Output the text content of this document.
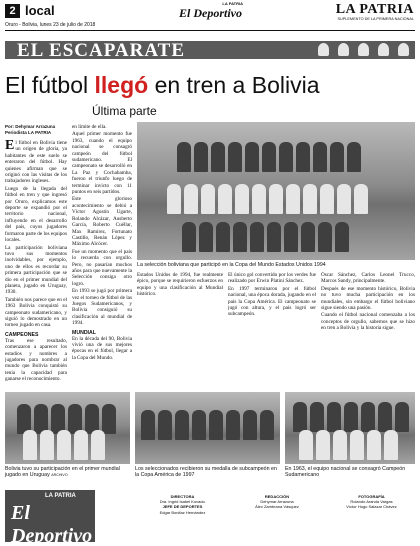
2 local	LA PATRIA
El Deportivo	LA PATRIA
SUPLEMENTO DE LA PRIMERA NACIONAL
Oruro - Bolivia, lunes 23 de julio de 2018
EL ESCAPARATE
El fútbol llegó en tren a Bolivia
Última parte
Por: Dehymar Arrazuna
Periodista LA PATRIA

El fútbol en Bolivia tiene un origen de gloria, ya habitantes de este suelo se enteraron del fútbol. Hay quienes afirman que se originó con las visitas de los trabajadores ingleses.

Luego de la llegada del fútbol en tren y que ingresó por Oruro, explicamos este deporte se expandió por el territorio nacional, influyendo en el desarrollo del país, cuyos jugadores formaron parte de los equipos locales.

La participación boliviana tuvo sus momentos inolvidables, por ejemplo, uno de ellos es recordar su primera participación que se dio en el primer mundial del planeta, jugado en Uruguay, 1930.

También nos parece que en el 1963 Bolivia conquistó su campeonato sudamericano, y siguió lo demostrado en un torneo jugado en casa.

CAMPEONES

Tras ese resultado, comenzaron a aparecer los estadios y nombres a jugadores para nombrar al mundo que Bolivia también tenía la capacidad para ganarse el reconocimiento.

en límite de ella.

Aquel primer momento fue 1963, cuando el equipo nacional se consagró campeón del fútbol sudamericano. El campeonato se desarrolló en La Paz y Cochabamba, fueron el triunfo luego de terminar invicto con 11 puntos en seis partidos.

Este glorioso acontecimiento se debió a Víctor Agustín Ugarte, Rolando Alcázar, Ausberto García, Roberto Cuéllar, Max Ramírez, Fortunato Castillo, Renán López y Máximo Alcócer.

Fue un momento que el país lo recuerda con orgullo. Pero, no pasarían muchos años para que nuevamente la Selección consiga otro logro.

En 1993 se jugó por primera vez el torneo de fútbol de las Juegos Sudamericanos, y Bolivia consiguió su clasificación al mundial de 1994.

MUNDIAL

En la década del 90, Bolivia vivió una de sus mejores épocas en el fútbol, llegar a la Copa del Mundo.

La selección boliviana que participó en la Copa del Mundo Estados Unidos 1994

Estados Unidos de 1994, fue realmente épico, porque se requirieron esfuerzos en equipo y una clasificación al Mundial histórico.

El único gol convertido por los verdes fue realizado por Erwin Platini Sánchez.

En 1997 terminaron por el fútbol nacional, una época dorada, jugando en el país la Copa América. El campeonato se jugó con altura, y el país logró ser subcampeón.

Óscar Sánchez, Carlos Leonel Trucco, Marcos Sandy, principalmente.

Después de ese momento histórico, Bolivia no tuvo mucha participación en los mundiales, sin embargo el fútbol boliviano sigue siendo una pasión.

Cuando el fútbol nacional comenzaba a los conceptos de orgullo, sabemos que se hizo en tren a Bolivia y la historia sigue.

Bolivia tuvo su participación en el primer mundial jugado en Uruguay ARCHIVO
Los seleccionados recibieron su medalla de subcampeón en la Copa América de 1997
En 1963, el equipo nacional se consagró Campeón Sudamericano
LA PATRIA
El Deportivo
DIRECTORA
Dra. Ingrid Isabel Kovacic
JEFE DE DEPORTES
Edgar Bonifaz Hernández
REDACCIÓN
Dehymar Arrazuna
Álex Zambrana Vásquez
FOTOGRAFÍA
Rolando Aranda Vargas
Víctor Hugo Salazar Chávez
